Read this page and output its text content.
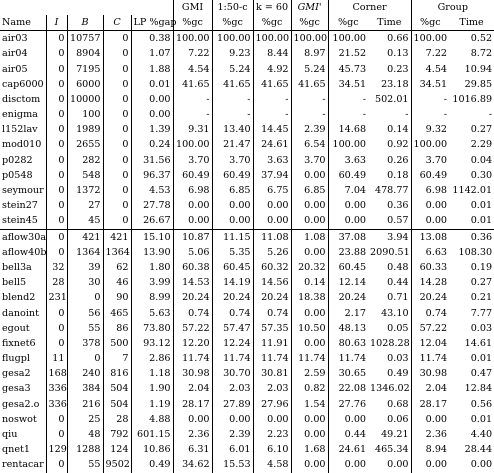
					GMI	1:50-c	k = 60	GMI'	Corner		Group	
Name	I	B	C	LP %gap	%gc	%gc	%gc	%gc	%gc	Time	%gc	Time
air03	0	10757	0	0.38	100.00	100.00	100.00	100.00	100.00	0.66	100.00	0.52
air04	0	8904	0	1.07	7.22	9.23	8.44	8.97	21.52	0.13	7.22	8.72
air05	0	7195	0	1.88	4.54	5.24	4.92	5.24	45.73	0.23	4.54	10.94
cap6000	0	6000	0	0.01	41.65	41.65	41.65	41.65	34.51	23.18	34.51	29.85
disctom	0	10000	0	0.00	-	-	-	-	-	502.01	-	1016.89
enigma	0	100	0	0.00	-	-	-	-	-	-	-	-
l152lav	0	1989	0	1.39	9.31	13.40	14.45	2.39	14.68	0.14	9.32	0.27
mod010	0	2655	0	0.24	100.00	21.47	24.61	6.54	100.00	0.92	100.00	2.29
p0282	0	282	0	31.56	3.70	3.70	3.63	3.70	3.63	0.26	3.70	0.04
p0548	0	548	0	96.37	60.49	60.49	37.94	0.00	60.49	0.18	60.49	0.30
seymour	0	1372	0	4.53	6.98	6.85	6.75	6.85	7.04	478.77	6.98	1142.01
stein27	0	27	0	27.78	0.00	0.00	0.00	0.00	0.00	0.36	0.00	0.01
stein45	0	45	0	26.67	0.00	0.00	0.00	0.00	0.00	0.57	0.00	0.01
aflow30a	0	421	421	15.10	10.87	11.15	11.08	1.08	37.08	3.94	13.08	0.36
aflow40b	0	1364	1364	13.90	5.06	5.35	5.26	0.00	23.88	2090.51	6.63	108.30
bell3a	32	39	62	1.80	60.38	60.45	60.32	20.32	60.45	0.48	60.33	0.19
bell5	28	30	46	3.99	14.53	14.19	14.56	0.14	12.14	0.44	14.28	0.27
blend2	231	0	90	8.99	20.24	20.24	20.24	18.38	20.24	0.71	20.24	0.21
danoint	0	56	465	5.63	0.74	0.74	0.74	0.00	2.17	43.10	0.74	7.77
egout	0	55	86	73.80	57.22	57.47	57.35	10.50	48.13	0.05	57.22	0.03
fixnet6	0	378	500	93.12	12.20	12.24	11.91	0.00	80.63	1028.28	12.04	14.61
flugpl	11	0	7	2.86	11.74	11.74	11.74	11.74	11.74	0.03	11.74	0.01
gesa2	168	240	816	1.18	30.98	30.70	30.81	2.59	30.65	0.49	30.98	0.47
gesa3	336	384	504	1.90	2.04	2.03	2.03	0.82	22.08	1346.02	2.04	12.84
gesa2.o	336	216	504	1.19	28.17	27.89	27.96	1.54	27.76	0.68	28.17	0.56
noswot	0	25	28	4.88	0.00	0.00	0.00	0.00	0.00	0.06	0.00	0.01
qiu	0	48	792	601.15	2.36	2.39	2.23	0.00	0.44	49.21	2.36	4.40
qnet1	129	1288	124	10.86	6.31	6.01	6.10	1.68	24.61	465.34	8.94	28.44
rentacar	0	55	9502	0.49	34.62	15.53	4.58	0.00	0.00	0.00	0.00	0.00
